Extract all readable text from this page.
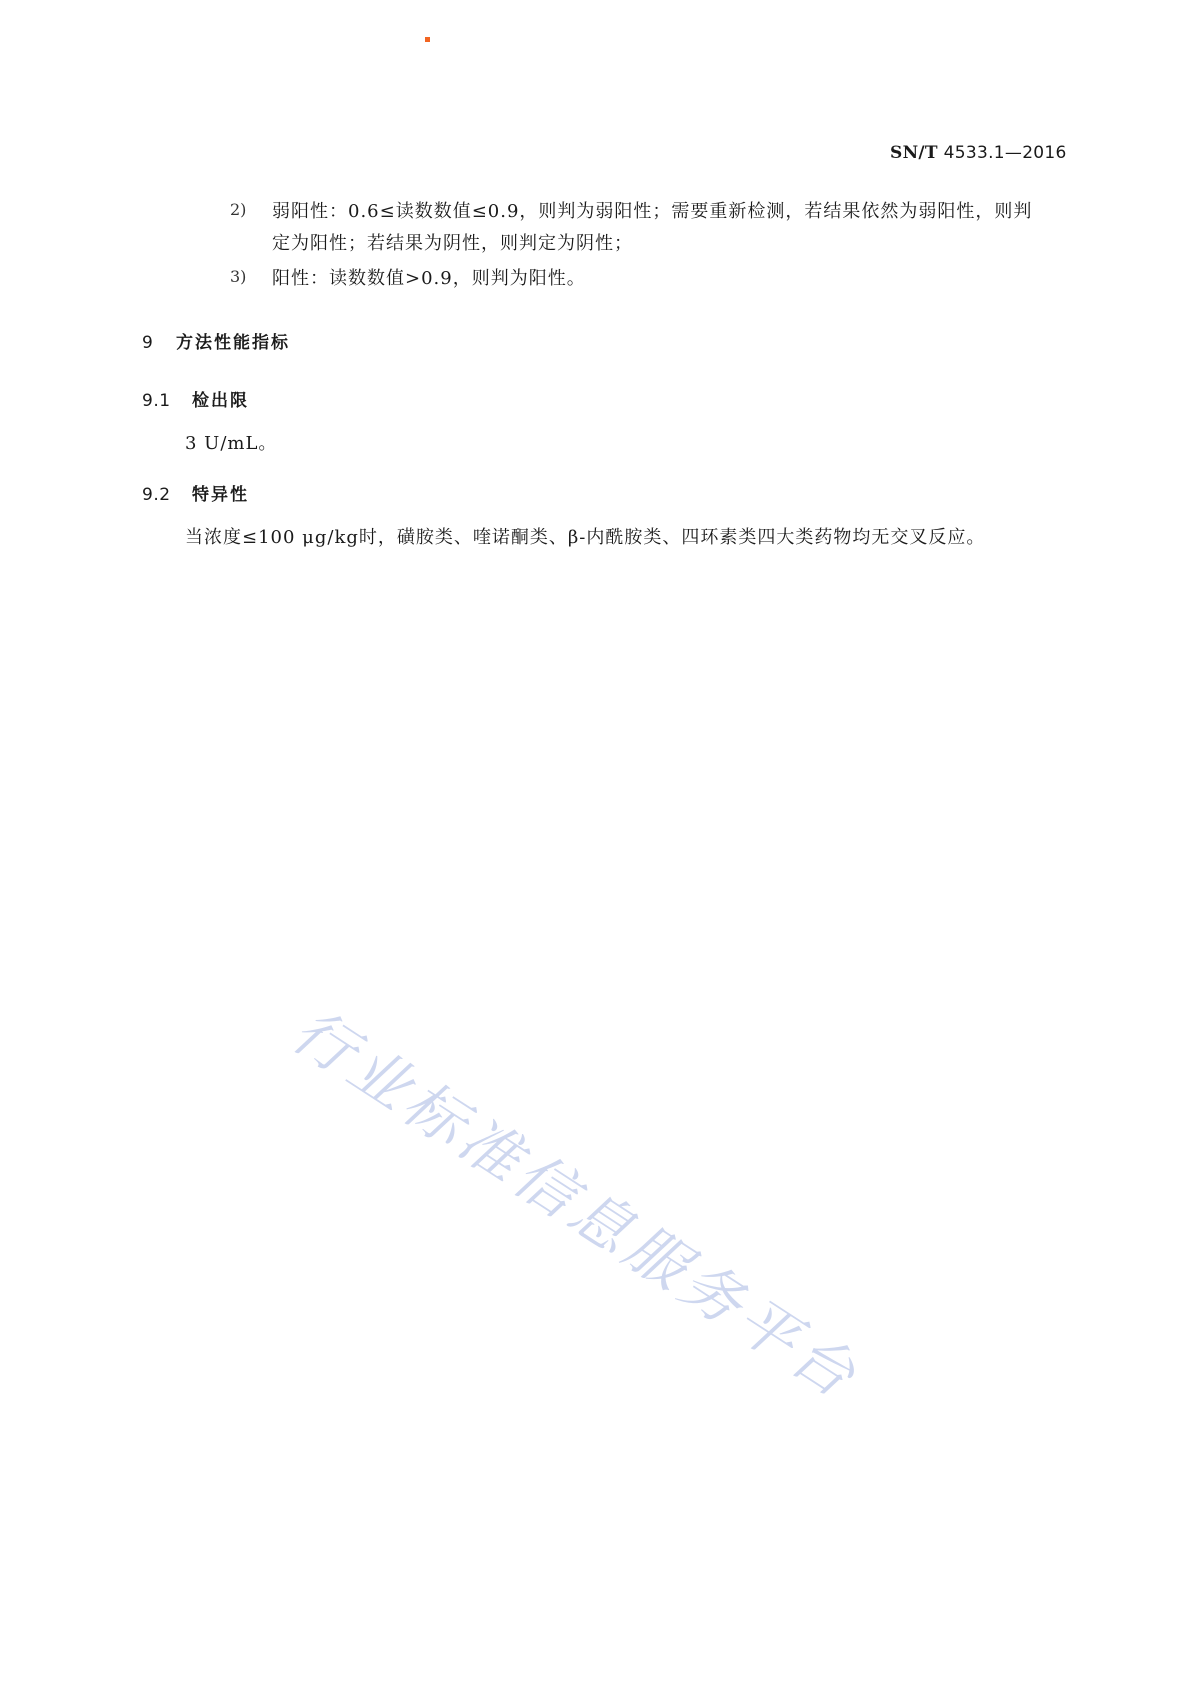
SN/T 4533.1—2016
2) 弱阳性：0.6≤读数数值≤0.9，则判为弱阳性；需要重新检测，若结果依然为弱阳性，则判
定为阳性；若结果为阴性，则判定为阴性；
3) 阳性：读数数值>0.9，则判为阳性。
9 方法性能指标
9.1 检出限
3 U/mL。
9.2 特异性
当浓度≤100 μg/kg时，磺胺类、喹诺酮类、β-内酰胺类、四环素类四大类药物均无交叉反应。
行业标准信息服务平台
